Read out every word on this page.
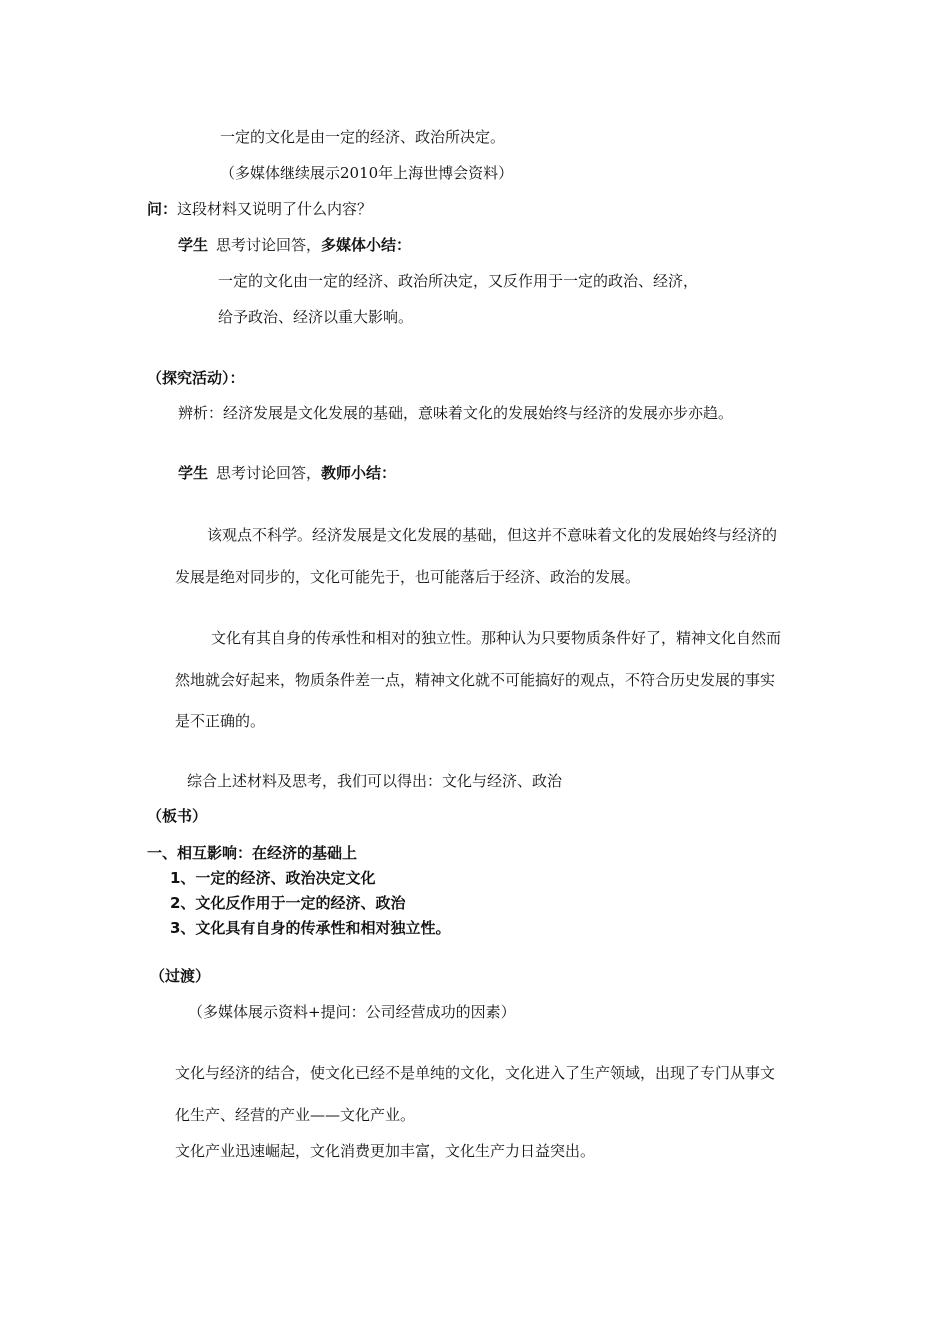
一定的文化是由一定的经济、政治所决定。
（多媒体继续展示2010年上海世博会资料）
问：这段材料又说明了什么内容？
学生 思考讨论回答，多媒体小结：
一定的文化由一定的经济、政治所决定，又反作用于一定的政治、经济，
给予政治、经济以重大影响。
（探究活动）：
辨析：经济发展是文化发展的基础，意味着文化的发展始终与经济的发展亦步亦趋。
学生 思考讨论回答，教师小结：
该观点不科学。经济发展是文化发展的基础，但这并不意味着文化的发展始终与经济的
发展是绝对同步的，文化可能先于，也可能落后于经济、政治的发展。
文化有其自身的传承性和相对的独立性。那种认为只要物质条件好了，精神文化自然而
然地就会好起来，物质条件差一点，精神文化就不可能搞好的观点，不符合历史发展的事实
是不正确的。
综合上述材料及思考，我们可以得出：文化与经济、政治
（板书）
一、相互影响：在经济的基础上
1、一定的经济、政治决定文化
2、文化反作用于一定的经济、政治
3、文化具有自身的传承性和相对独立性。
（过渡）
（多媒体展示资料+提问：公司经营成功的因素）
文化与经济的结合，使文化已经不是单纯的文化，文化进入了生产领域，出现了专门从事文
化生产、经营的产业——文化产业。
文化产业迅速崛起，文化消费更加丰富，文化生产力日益突出。
